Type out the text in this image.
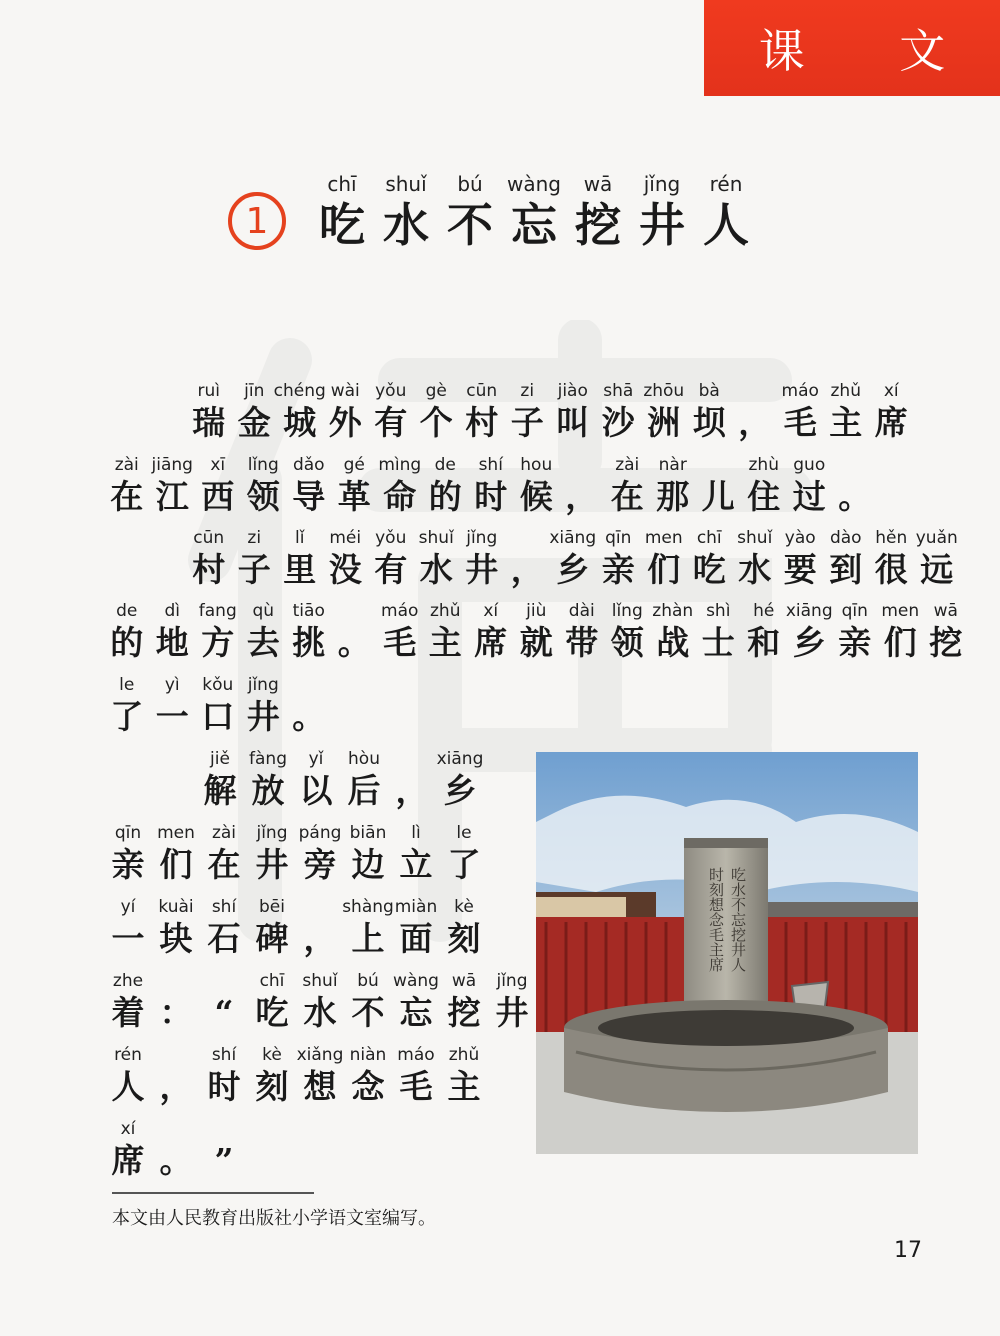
课 文
1
chī
吃
shuǐ
水
bú
不
wàng
忘
wā
挖
jǐng
井
rén
人
ruì
瑞
jīn
金
chéng
城
wài
外
yǒu
有
gè
个
cūn
村
zi
子
jiào
叫
shā
沙
zhōu
洲
bà
坝 ，
máo
毛
zhǔ
主
xí
席
zài
在
jiāng
江
xī
西
lǐng
领
dǎo
导
gé
革
mìng
命
de
的
shí
时
hou
候 ，
zài
在
nàr
那 儿
zhù
住
guo
过 。
cūn
村
zi
子
lǐ
里
méi
没
yǒu
有
shuǐ
水
jǐng
井 ，
xiāng
乡
qīn
亲
men
们
chī
吃
shuǐ
水
yào
要
dào
到
hěn
很
yuǎn
远
de
的
dì
地
fang
方
qù
去
tiāo
挑 。
máo
毛
zhǔ
主
xí
席
jiù
就
dài
带
lǐng
领
zhàn
战
shì
士
hé
和
xiāng
乡
qīn
亲
men
们
wā
挖
le
了
yì
一
kǒu
口
jǐng
井 。
jiě
解
fàng
放
yǐ
以
hòu
后 ，
xiāng
乡
qīn
亲
men
们
zài
在
jǐng
井
páng
旁
biān
边
lì
立
le
了
yí
一
kuài
块
shí
石
bēi
碑 ，
shàng
上
miàn
面
kè
刻
zhe
着 ： “
chī
吃
shuǐ
水
bú
不
wàng
忘
wā
挖
jǐng
井
rén
人 ，
shí
时
kè
刻
xiǎng
想
niàn
念
máo
毛
zhǔ
主
xí
席 。 ”
吃水不忘挖井人
时刻想念毛主席
本文由人民教育出版社小学语文室编写。
17
